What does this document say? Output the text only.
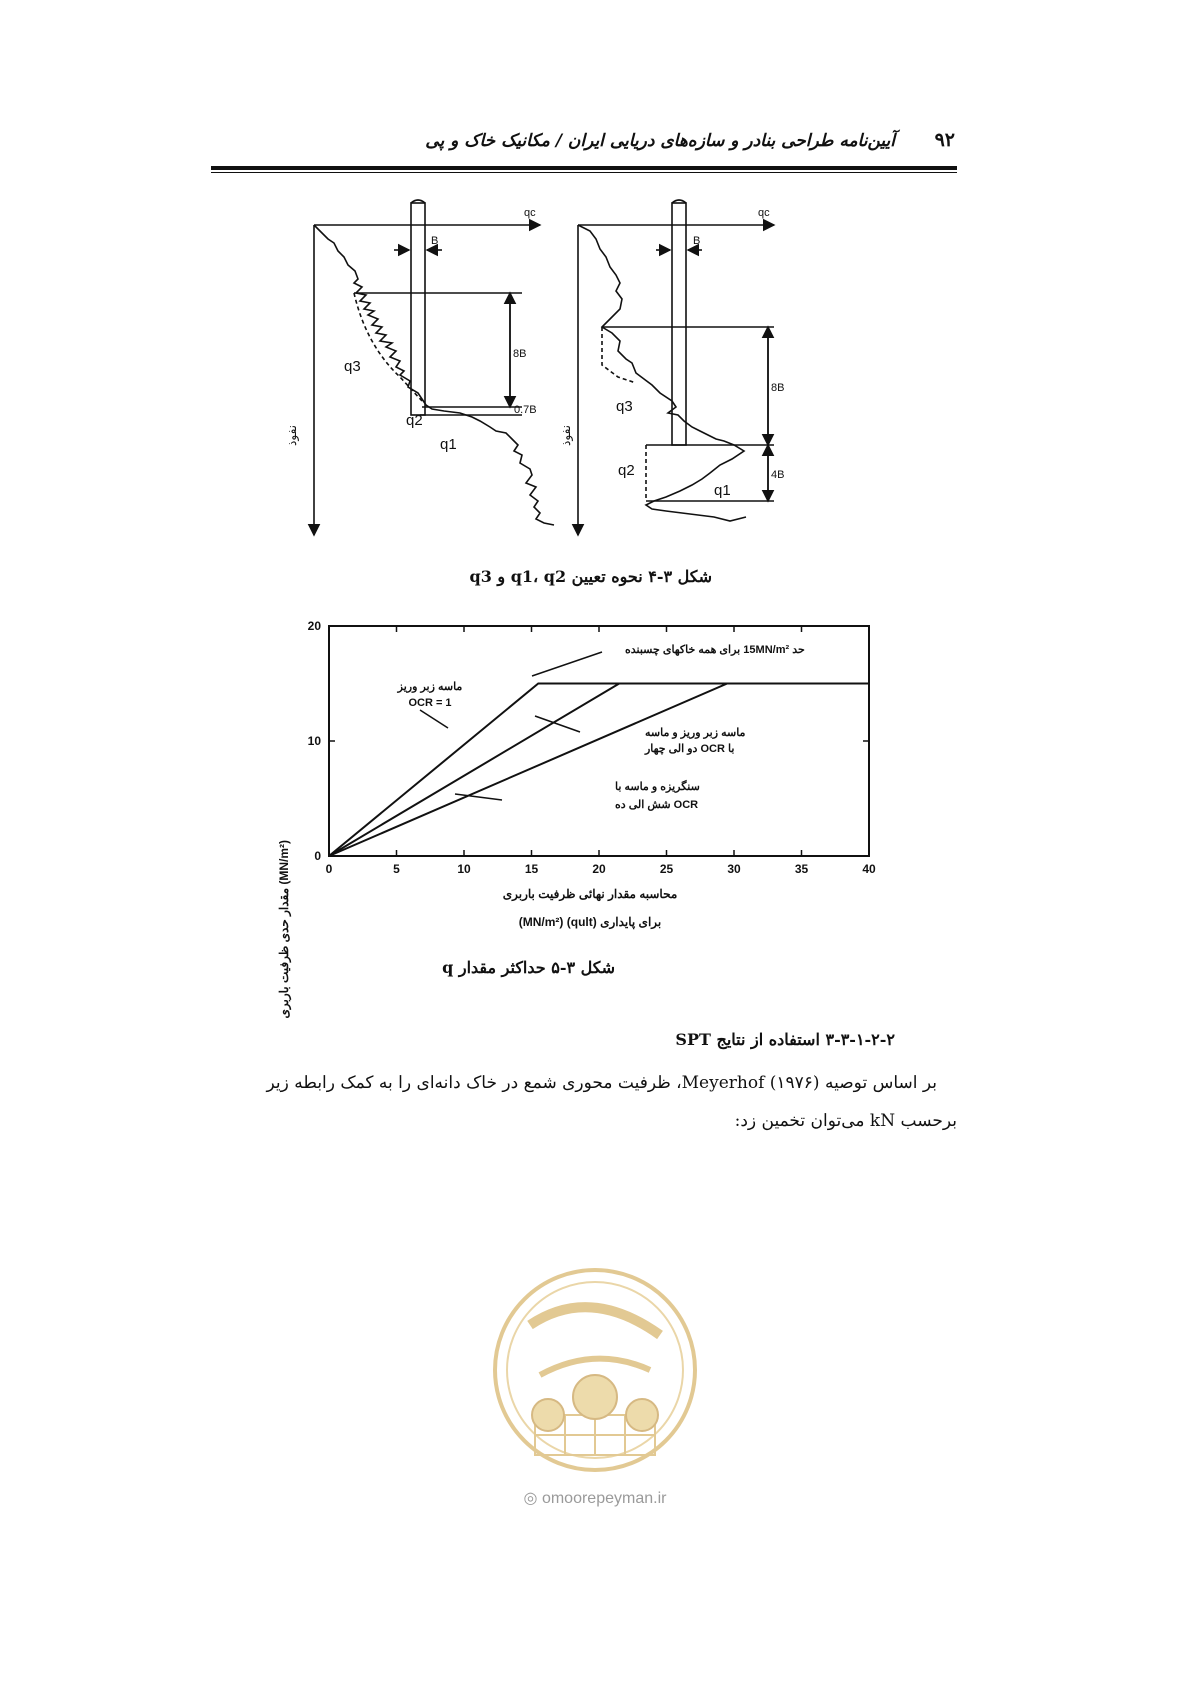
آیین‌نامه طراحی بنادر و سازه‌های دریایی ایران / مکانیک خاک و پی	۹۲
qc
B
8B
0.7B
q3
q2
q1
نفوذ
qc
B
8B
4B
q3
q2
q1
نفوذ
شکل ۳-۴ نحوه تعیین q1، q2 و q3
0	5	10	15	20	25	30	35	40
0
10
20
حد 15MN/m² برای همه خاکهای چسبنده
ماسه زبر وریز
OCR = 1
ماسه زبر وریز و ماسه
با OCR دو الی چهار
سنگریزه و ماسه با
OCR شش الی ده
(MN/m²) مقدار حدی ظرفیت باربری
محاسبه مقدار نهائی ظرفیت باربری
برای پایداری (qult) (MN/m²)
شکل ۳-۵ حداکثر مقدار q
۳-۳-۱-۲-۲ استفاده از نتایج SPT
بر اساس توصیه Meyerhof (۱۹۷۶)، ظرفیت محوری شمع در خاک دانه‌ای را به کمک رابطه زیر
برحسب kN می‌توان تخمین زد:
◎ omoorepeyman.ir
